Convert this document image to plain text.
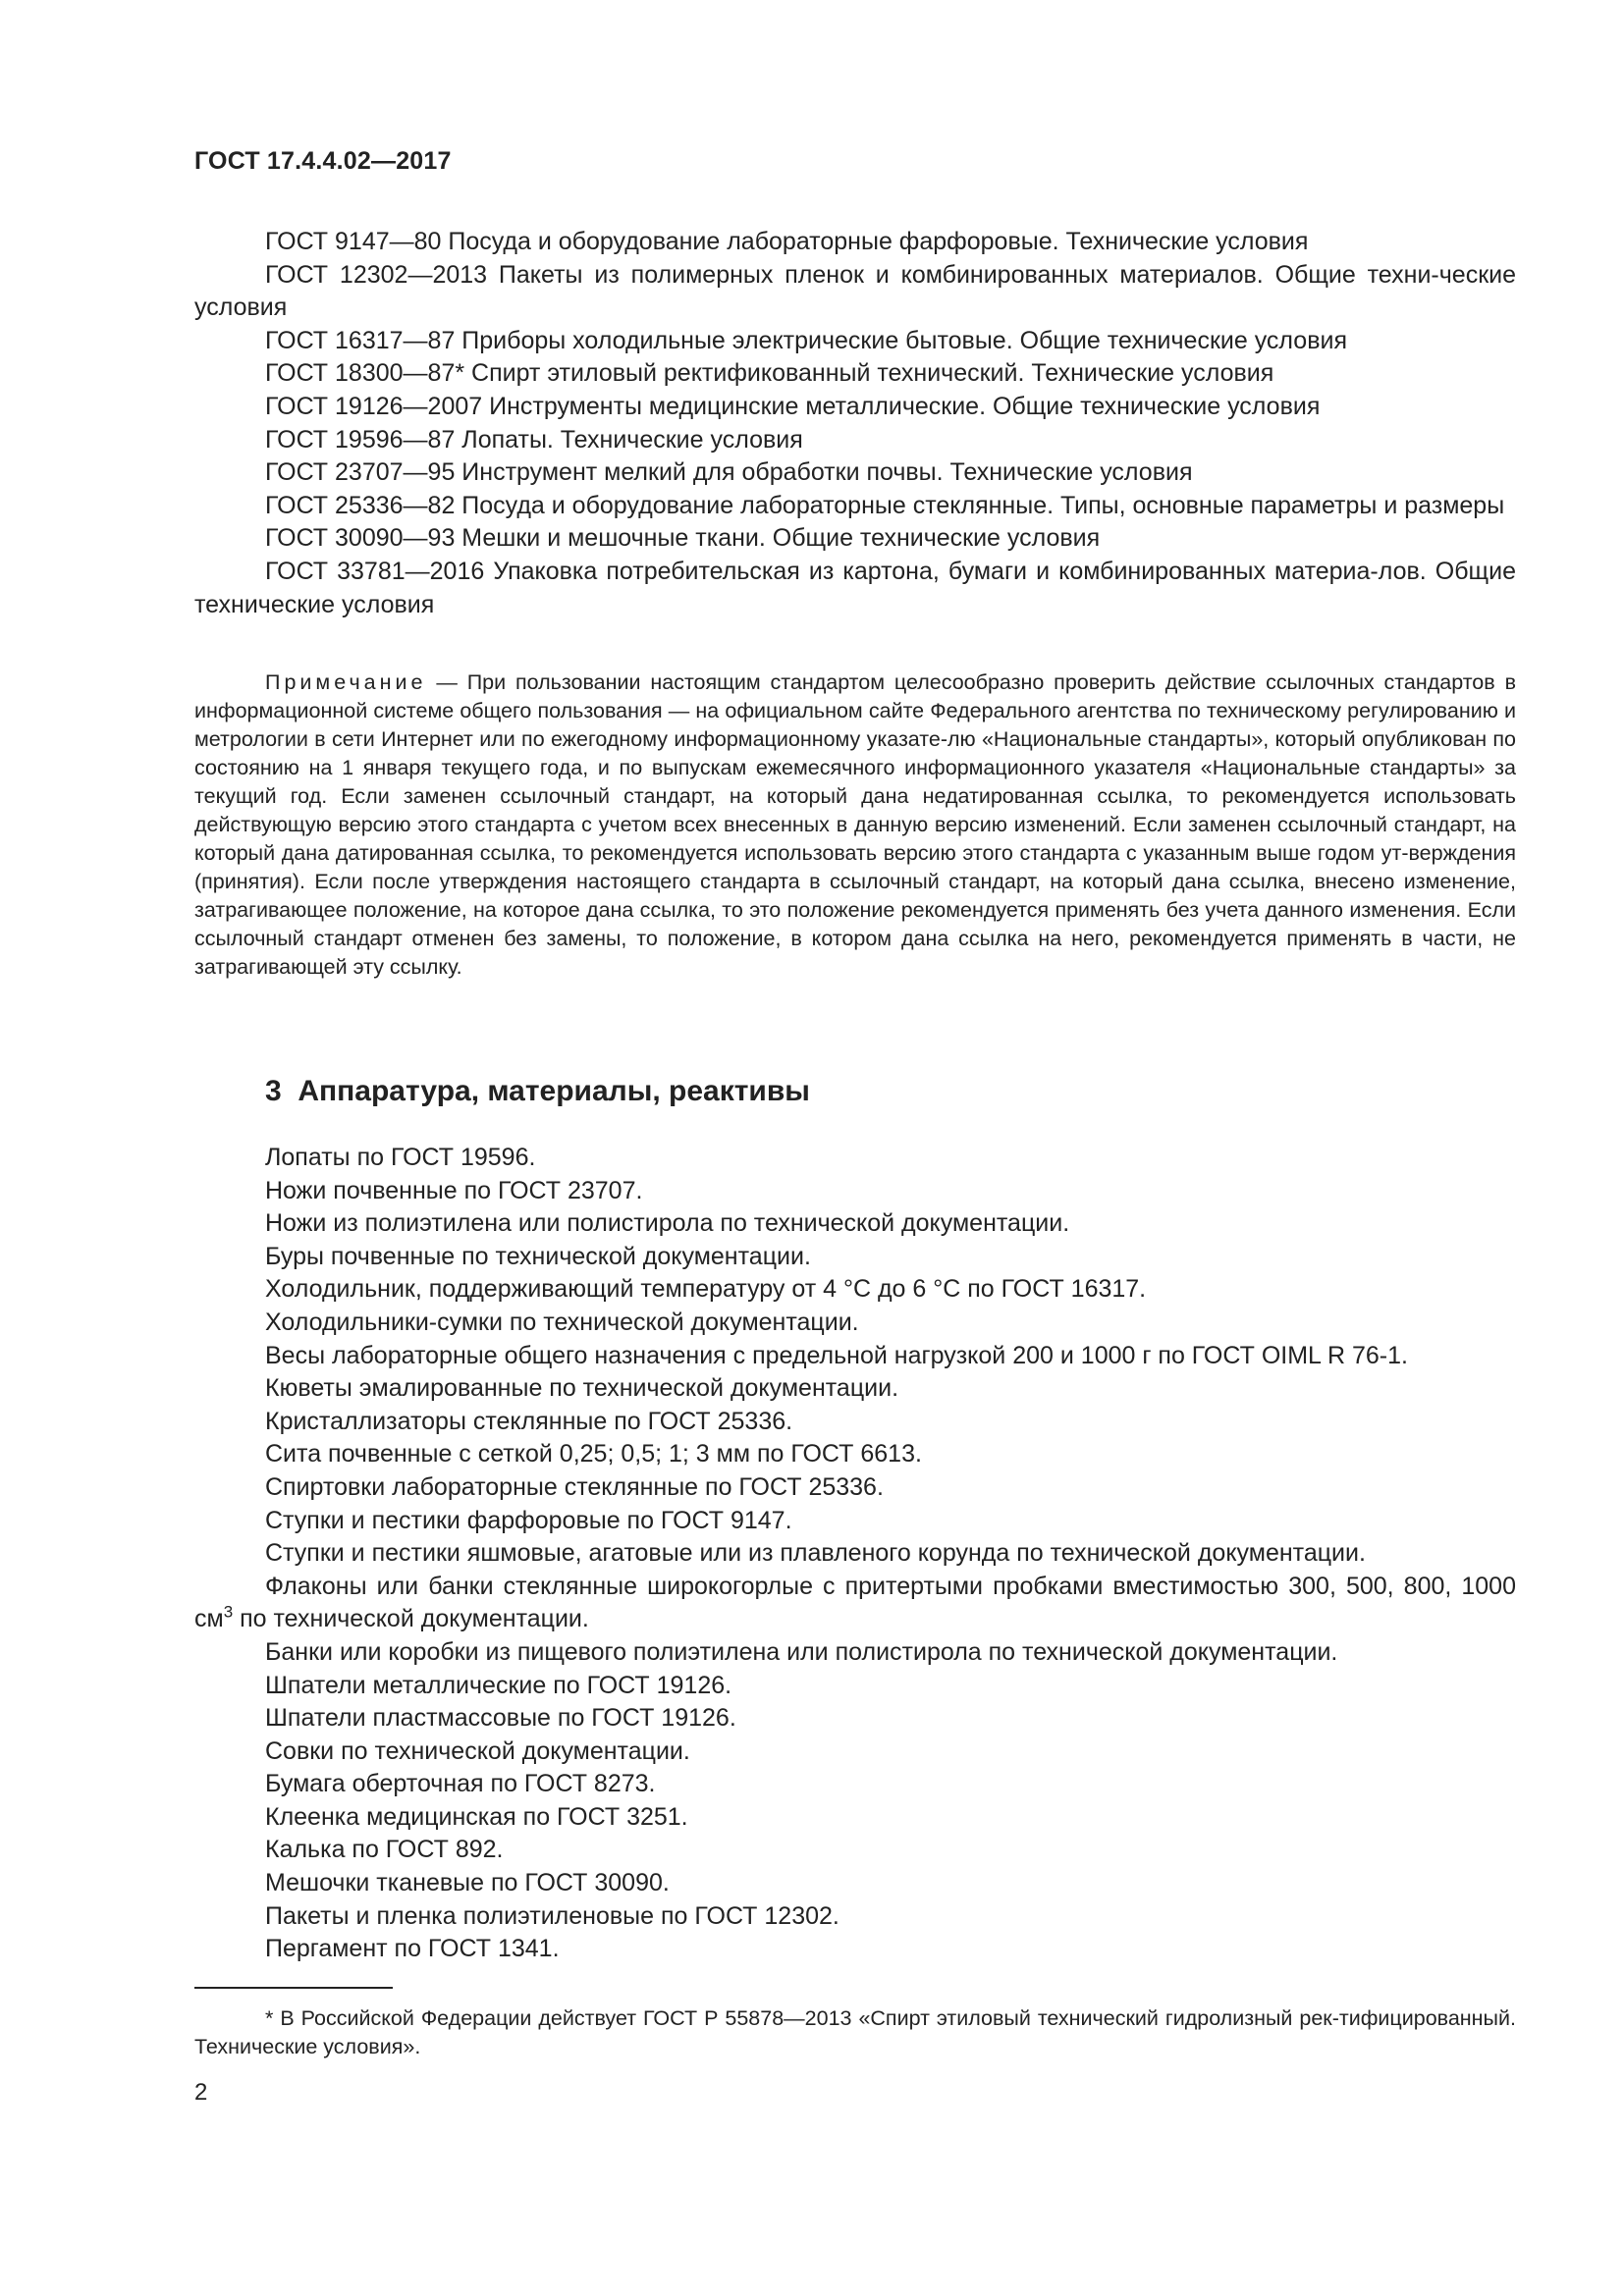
ГОСТ 17.4.4.02—2017

ГОСТ 9147—80 Посуда и оборудование лабораторные фарфоровые. Технические условия

ГОСТ 12302—2013 Пакеты из полимерных пленок и комбинированных материалов. Общие техни-ческие условия

ГОСТ 16317—87 Приборы холодильные электрические бытовые. Общие технические условия

ГОСТ 18300—87* Спирт этиловый ректификованный технический. Технические условия

ГОСТ 19126—2007 Инструменты медицинские металлические. Общие технические условия

ГОСТ 19596—87 Лопаты. Технические условия

ГОСТ 23707—95 Инструмент мелкий для обработки почвы. Технические условия

ГОСТ 25336—82 Посуда и оборудование лабораторные стеклянные. Типы, основные параметры и размеры

ГОСТ 30090—93 Мешки и мешочные ткани. Общие технические условия

ГОСТ 33781—2016 Упаковка потребительская из картона, бумаги и комбинированных материа-лов. Общие технические условия

Примечание — При пользовании настоящим стандартом целесообразно проверить действие ссылочных стандартов в информационной системе общего пользования — на официальном сайте Федерального агентства по техническому регулированию и метрологии в сети Интернет или по ежегодному информационному указате-лю «Национальные стандарты», который опубликован по состоянию на 1 января текущего года, и по выпускам ежемесячного информационного указателя «Национальные стандарты» за текущий год. Если заменен ссылочный стандарт, на который дана недатированная ссылка, то рекомендуется использовать действующую версию этого стандарта с учетом всех внесенных в данную версию изменений. Если заменен ссылочный стандарт, на который дана датированная ссылка, то рекомендуется использовать версию этого стандарта с указанным выше годом ут-верждения (принятия). Если после утверждения настоящего стандарта в ссылочный стандарт, на который дана ссылка, внесено изменение, затрагивающее положение, на которое дана ссылка, то это положение рекомендуется применять без учета данного изменения. Если ссылочный стандарт отменен без замены, то положение, в котором дана ссылка на него, рекомендуется применять в части, не затрагивающей эту ссылку.
3 Аппаратура, материалы, реактивы

Лопаты по ГОСТ 19596.

Ножи почвенные по ГОСТ 23707.

Ножи из полиэтилена или полистирола по технической документации.

Буры почвенные по технической документации.

Холодильник, поддерживающий температуру от 4 °С до 6 °С по ГОСТ 16317.

Холодильники-сумки по технической документации.

Весы лабораторные общего назначения с предельной нагрузкой 200 и 1000 г по ГОСТ OIML R 76-1.

Кюветы эмалированные по технической документации.

Кристаллизаторы стеклянные по ГОСТ 25336.

Сита почвенные с сеткой 0,25; 0,5; 1; 3 мм по ГОСТ 6613.

Спиртовки лабораторные стеклянные по ГОСТ 25336.

Ступки и пестики фарфоровые по ГОСТ 9147.

Ступки и пестики яшмовые, агатовые или из плавленого корунда по технической документации.

Флаконы или банки стеклянные широкогорлые с притертыми пробками вместимостью 300, 500, 800, 1000 $см^3$ по технической документации.

Банки или коробки из пищевого полиэтилена или полистирола по технической документации.

Шпатели металлические по ГОСТ 19126.

Шпатели пластмассовые по ГОСТ 19126.

Совки по технической документации.

Бумага оберточная по ГОСТ 8273.

Клеенка медицинская по ГОСТ 3251.

Калька по ГОСТ 892.

Мешочки тканевые по ГОСТ 30090.

Пакеты и пленка полиэтиленовые по ГОСТ 12302.

Пергамент по ГОСТ 1341.

* В Российской Федерации действует ГОСТ Р 55878—2013 «Спирт этиловый технический гидролизный рек-тифицированный. Технические условия».
2
